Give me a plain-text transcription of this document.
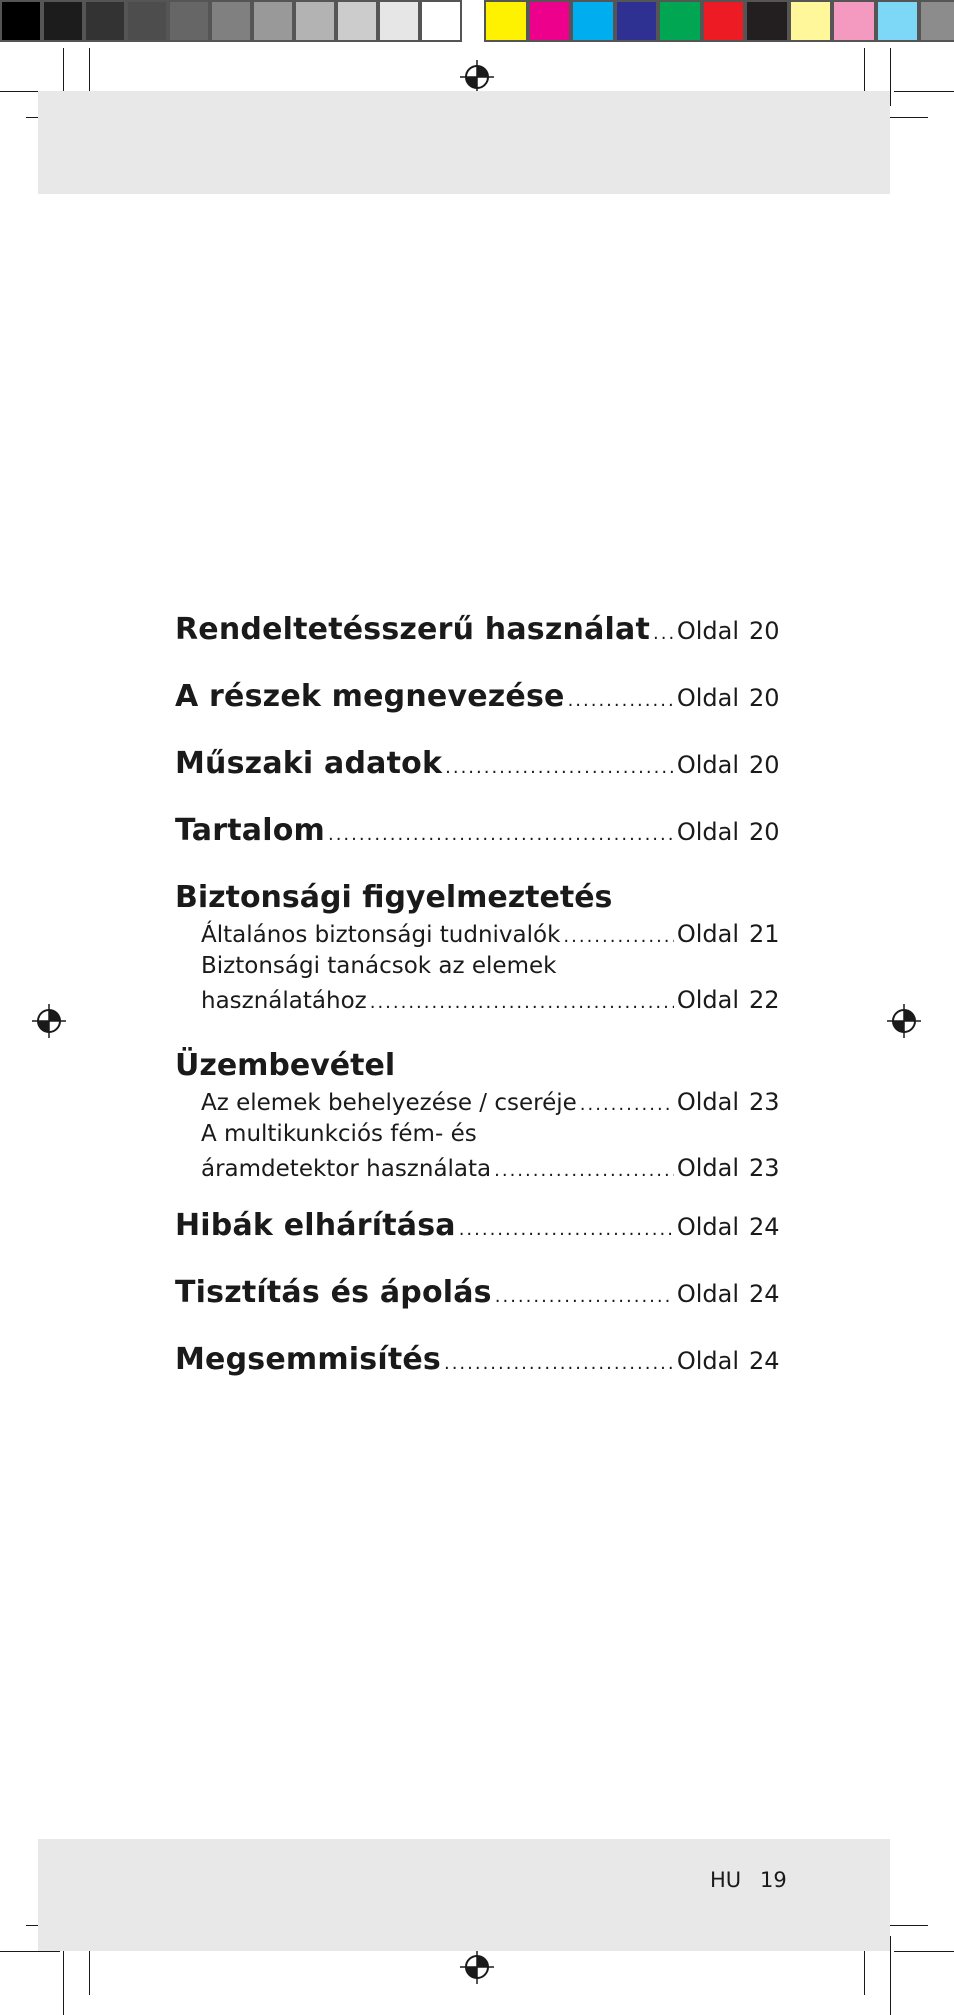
Rendeltetésszerű használat ..... Oldal 20
A részek megnevezése .....	Oldal 20
Műszaki adatok .....	Oldal 20
Tartalom .....	Oldal 20
Biztonsági figyelmeztetés
Általános biztonsági tudnivalók .....	Oldal 21
Biztonsági tanácsok az elemek
használatához .....	Oldal 22
Üzembevétel
Az elemek behelyezése / cseréje .....	Oldal 23
A multikunkciós fém- és
áramdetektor használata .....	Oldal 23
Hibák elhárítása .....	Oldal 24
Tisztítás és ápolás .....	Oldal 24
Megsemmisítés .....	Oldal 24
HU 19
